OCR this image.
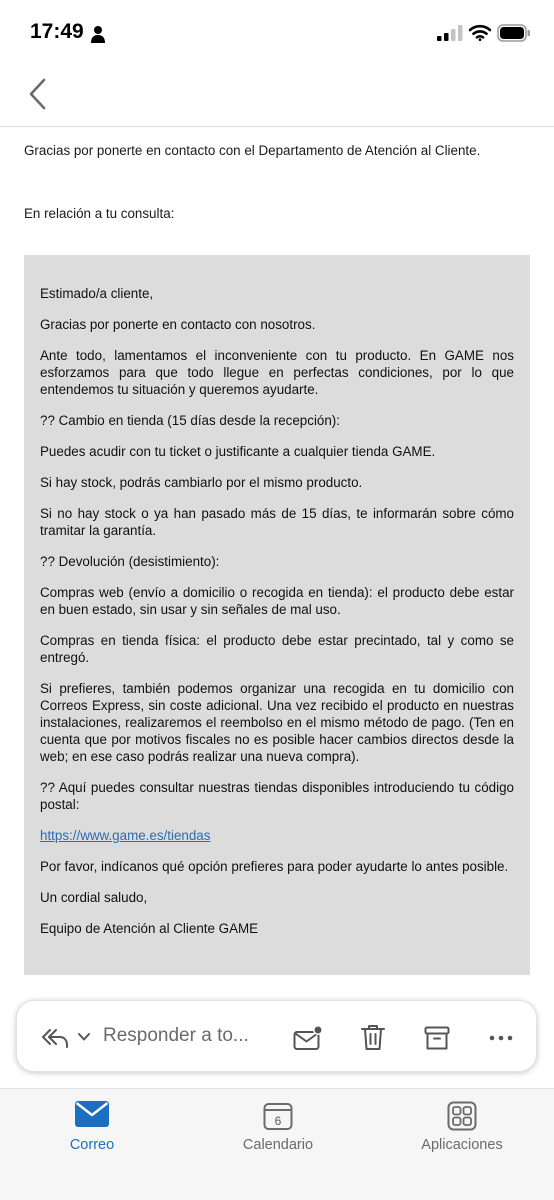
17:49
Gracias por ponerte en contacto con el Departamento de Atención al Cliente.
En relación a tu consulta:

Estimado/a cliente,

Gracias por ponerte en contacto con nosotros.

Ante todo, lamentamos el inconveniente con tu producto. En GAME nos esforzamos para que todo llegue en perfectas condiciones, por lo que entendemos tu situación y queremos ayudarte.

?? Cambio en tienda (15 días desde la recepción):

Puedes acudir con tu ticket o justificante a cualquier tienda GAME.

Si hay stock, podrás cambiarlo por el mismo producto.

Si no hay stock o ya han pasado más de 15 días, te informarán sobre cómo tramitar la garantía.

?? Devolución (desistimiento):

Compras web (envío a domicilio o recogida en tienda): el producto debe estar en buen estado, sin usar y sin señales de mal uso.

Compras en tienda física: el producto debe estar precintado, tal y como se entregó.

Si prefieres, también podemos organizar una recogida en tu domicilio con Correos Express, sin coste adicional. Una vez recibido el producto en nuestras instalaciones, realizaremos el reembolso en el mismo método de pago. (Ten en cuenta que por motivos fiscales no es posible hacer cambios directos desde la web; en ese caso podrás realizar una nueva compra).

?? Aquí puedes consultar nuestras tiendas disponibles introduciendo tu código postal:

https://www.game.es/tiendas

Por favor, indícanos qué opción prefieres para poder ayudarte lo antes posible.

Un cordial saludo,

Equipo de Atención al Cliente GAME

Responder a to...
Correo
6
Calendario	Aplicaciones
